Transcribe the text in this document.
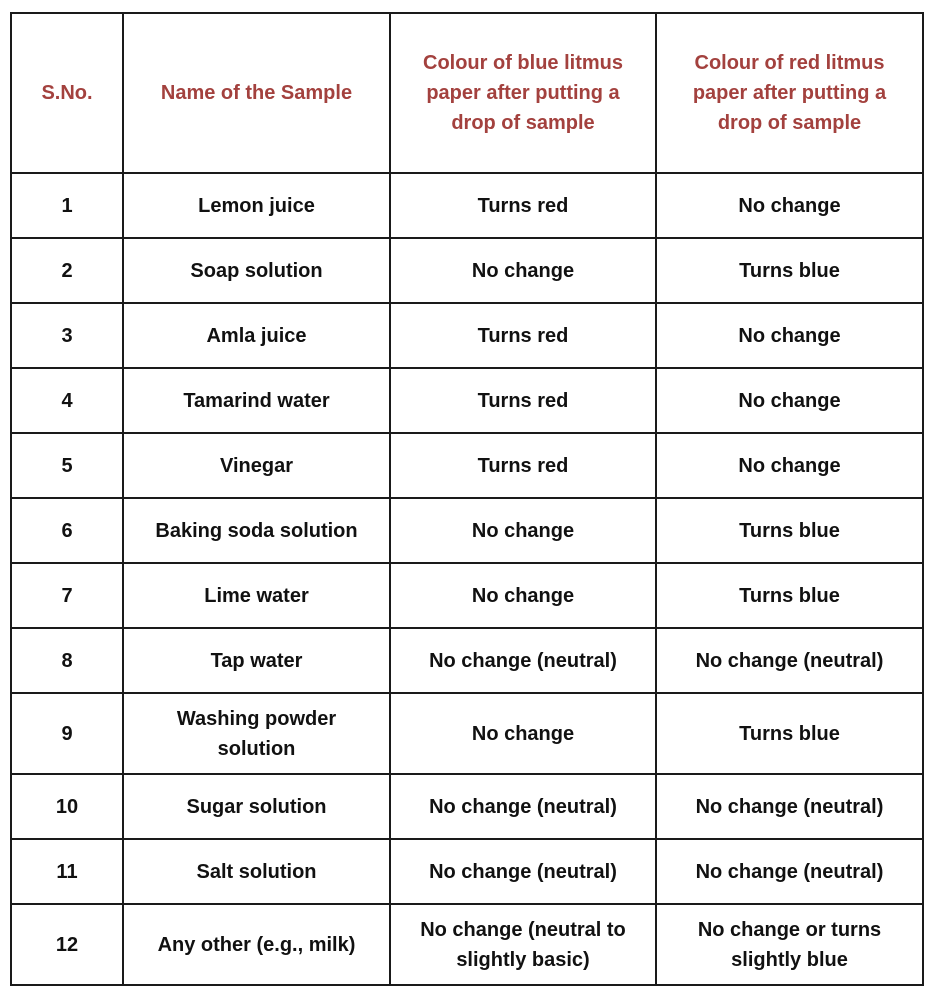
S.No.	Name of the Sample	Colour of blue litmus paper after putting a drop of sample	Colour of red litmus paper after putting a drop of sample
1	Lemon juice	Turns red	No change
2	Soap solution	No change	Turns blue
3	Amla juice	Turns red	No change
4	Tamarind water	Turns red	No change
5	Vinegar	Turns red	No change
6	Baking soda solution	No change	Turns blue
7	Lime water	No change	Turns blue
8	Tap water	No change (neutral)	No change (neutral)
9	Washing powder solution	No change	Turns blue
10	Sugar solution	No change (neutral)	No change (neutral)
11	Salt solution	No change (neutral)	No change (neutral)
12	Any other (e.g., milk)	No change (neutral to slightly basic)	No change or turns slightly blue
